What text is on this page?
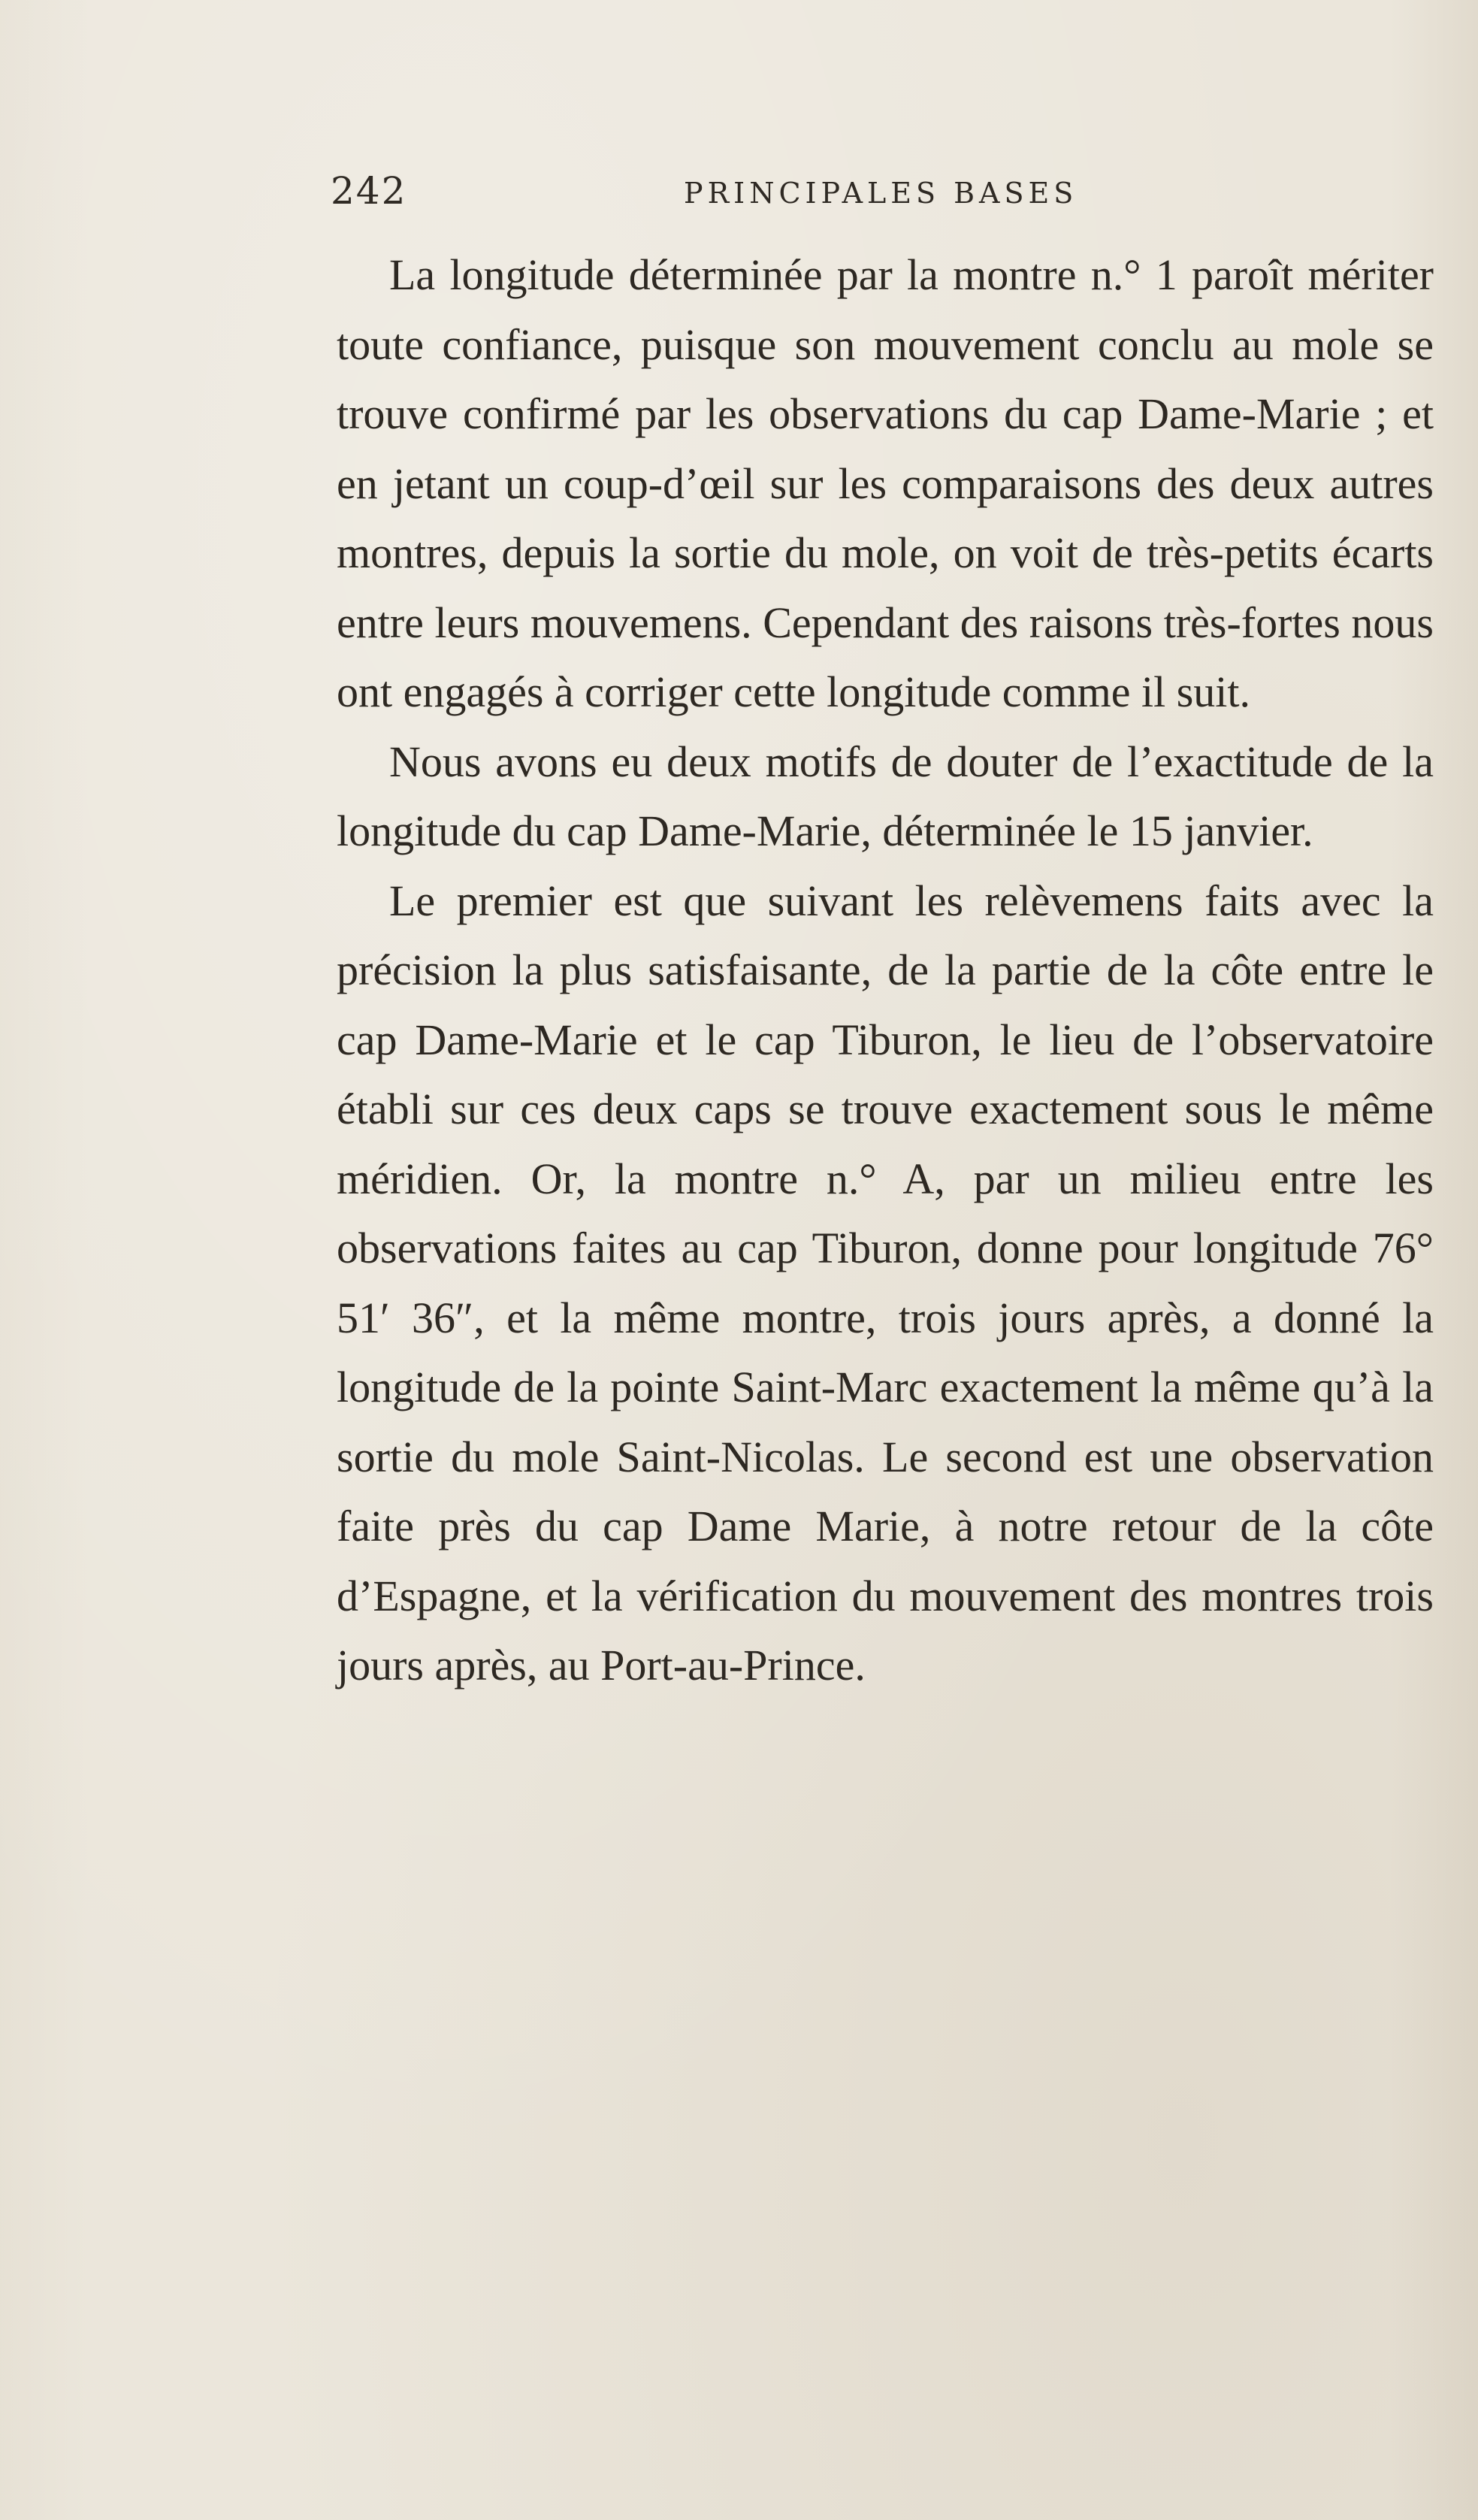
242	PRINCIPALES BASES

La longitude déterminée par la montre n.° 1 paroît mériter toute confiance, puisque son mouvement conclu au mole se trouve confirmé par les observations du cap Dame-Marie ; et en jetant un coup-d’œil sur les comparaisons des deux autres montres, depuis la sortie du mole, on voit de très-petits écarts entre leurs mouvemens. Cependant des raisons très-fortes nous ont engagés à corriger cette longitude comme il suit.

Nous avons eu deux motifs de douter de l’exactitude de la longitude du cap Dame-Marie, déterminée le 15 janvier.

Le premier est que suivant les relèvemens faits avec la précision la plus satisfaisante, de la partie de la côte entre le cap Dame-Marie et le cap Tiburon, le lieu de l’observatoire établi sur ces deux caps se trouve exactement sous le même méridien. Or, la montre n.° A, par un milieu entre les observations faites au cap Tiburon, donne pour longitude 76° 51′ 36″, et la même montre, trois jours après, a donné la longitude de la pointe Saint-Marc exactement la même qu’à la sortie du mole Saint-Nicolas. Le second est une observation faite près du cap Dame Marie, à notre retour de la côte d’Espagne, et la vérification du mouvement des montres trois jours après, au Port-au-Prince.
